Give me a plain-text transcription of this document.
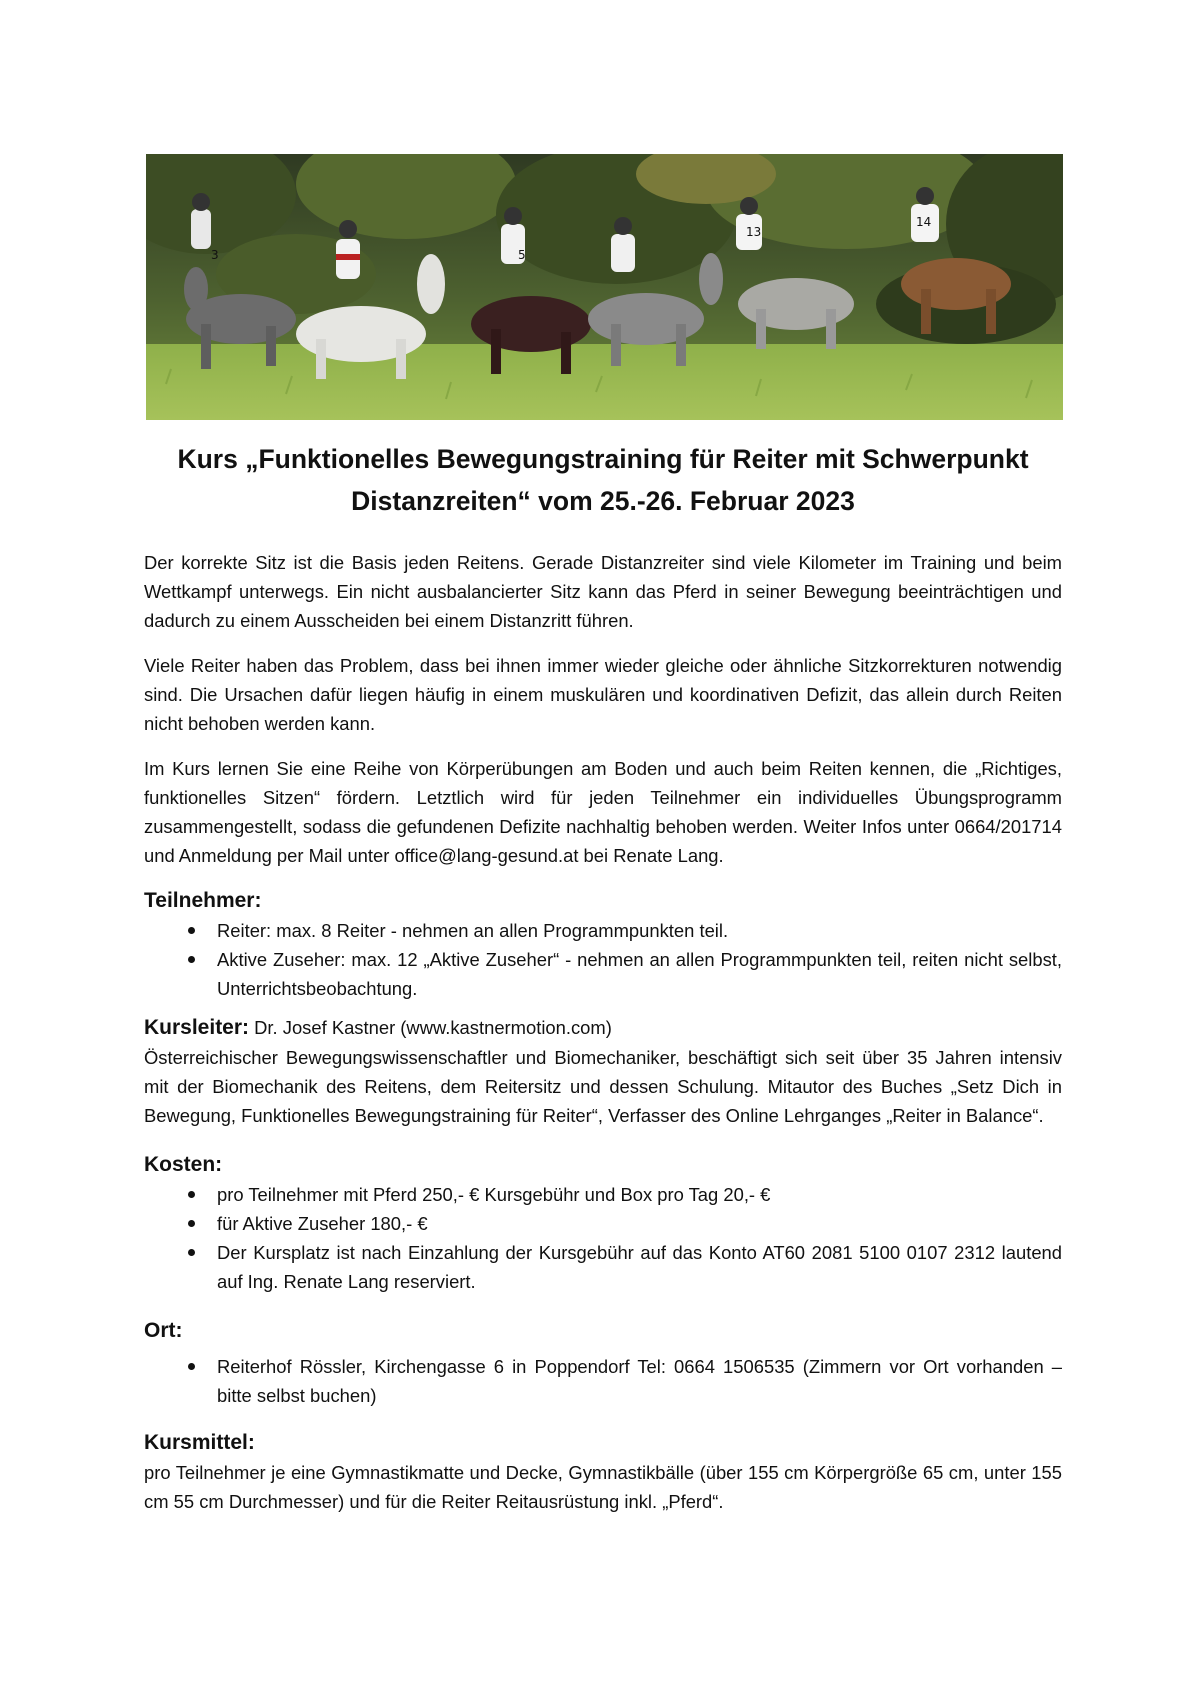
3	5
13
14
Kurs „Funktionelles Bewegungstraining für Reiter mit Schwerpunkt Distanzreiten“ vom 25.-26. Februar 2023

Der korrekte Sitz ist die Basis jeden Reitens. Gerade Distanzreiter sind viele Kilometer im Training und beim Wettkampf unterwegs. Ein nicht ausbalancierter Sitz kann das Pferd in seiner Bewegung beeinträchtigen und dadurch zu einem Ausscheiden bei einem Distanzritt führen.

Viele Reiter haben das Problem, dass bei ihnen immer wieder gleiche oder ähnliche Sitzkorrekturen notwendig sind. Die Ursachen dafür liegen häufig in einem muskulären und koordinativen Defizit, das allein durch Reiten nicht behoben werden kann.

Im Kurs lernen Sie eine Reihe von Körperübungen am Boden und auch beim Reiten kennen, die „Richtiges, funktionelles Sitzen“ fördern. Letztlich wird für jeden Teilnehmer ein individuelles Übungsprogramm zusammengestellt, sodass die gefundenen Defizite nachhaltig behoben werden. Weiter Infos unter 0664/201714 und Anmeldung per Mail unter office@lang-gesund.at bei Renate Lang.

Teilnehmer:
Reiter: max. 8 Reiter - nehmen an allen Programmpunkten teil.
Aktive Zuseher: max. 12 „Aktive Zuseher“ - nehmen an allen Programmpunkten teil, reiten nicht selbst, Unterrichtsbeobachtung.
Kursleiter: Dr. Josef Kastner (www.kastnermotion.com)

Österreichischer Bewegungswissenschaftler und Biomechaniker, beschäftigt sich seit über 35 Jahren intensiv mit der Biomechanik des Reitens, dem Reitersitz und dessen Schulung. Mitautor des Buches „Setz Dich in Bewegung, Funktionelles Bewegungstraining für Reiter“, Verfasser des Online Lehrganges „Reiter in Balance“.

Kosten:
pro Teilnehmer mit Pferd 250,- € Kursgebühr und Box pro Tag 20,- €
für Aktive Zuseher 180,- €
Der Kursplatz ist nach Einzahlung der Kursgebühr auf das Konto AT60 2081 5100 0107 2312 lautend auf Ing. Renate Lang reserviert.
Ort:
Reiterhof Rössler, Kirchengasse 6 in Poppendorf Tel: 0664 1506535 (Zimmern vor Ort vorhanden – bitte selbst buchen)
Kursmittel:

pro Teilnehmer je eine Gymnastikmatte und Decke, Gymnastikbälle (über 155 cm Körpergröße 65 cm, unter 155 cm 55 cm Durchmesser) und für die Reiter Reitausrüstung inkl. „Pferd“.
